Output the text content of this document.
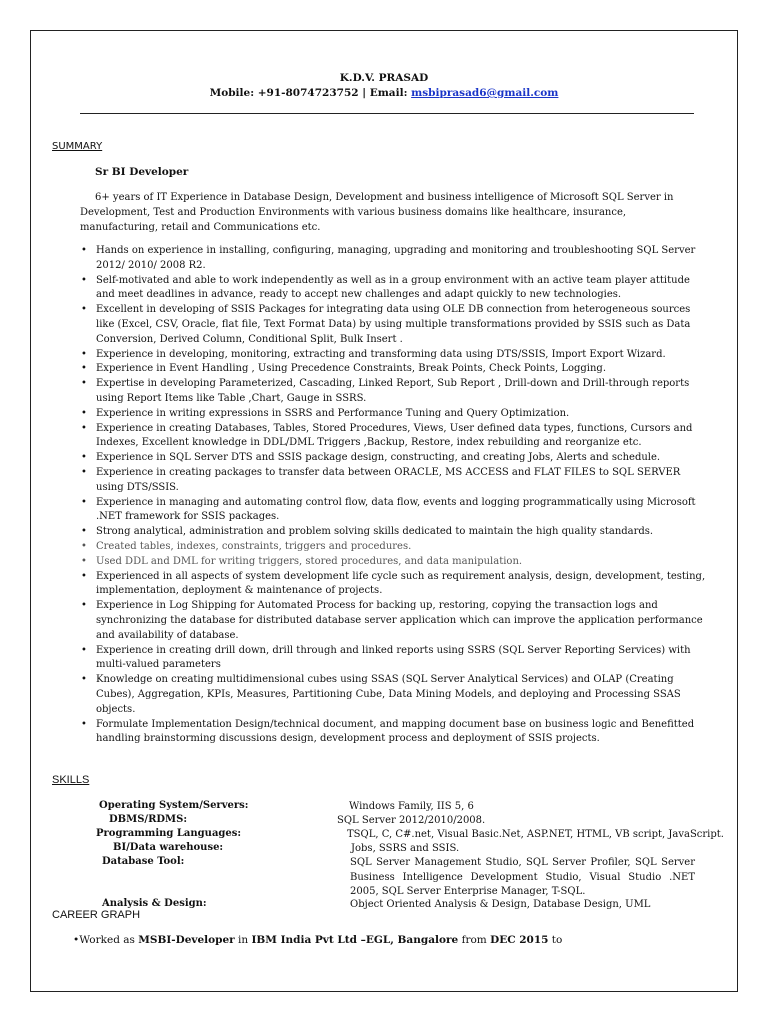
K.D.V. PRASAD
Mobile: +91-8074723752 | Email: msbiprasad6@gmail.com
SUMMARY
Sr BI Developer

6+ years of IT Experience in Database Design, Development and business intelligence of Microsoft SQL Server in Development, Test and Production Environments with various business domains like healthcare, insurance, manufacturing, retail and Communications etc.

• Hands on experience in installing, configuring, managing, upgrading and monitoring and troubleshooting SQL Server 2012/ 2010/ 2008 R2.
• Self-motivated and able to work independently as well as in a group environment with an active team player attitude and meet deadlines in advance, ready to accept new challenges and adapt quickly to new technologies.
• Excellent in developing of SSIS Packages for integrating data using OLE DB connection from heterogeneous sources like (Excel, CSV, Oracle, flat file, Text Format Data) by using multiple transformations provided by SSIS such as Data Conversion, Derived Column, Conditional Split, Bulk Insert .
• Experience in developing, monitoring, extracting and transforming data using DTS/SSIS, Import Export Wizard.
• Experience in Event Handling , Using Precedence Constraints, Break Points, Check Points, Logging.
• Expertise in developing Parameterized, Cascading, Linked Report, Sub Report , Drill-down and Drill-through reports using Report Items like Table ,Chart, Gauge in SSRS.
• Experience in writing expressions in SSRS and Performance Tuning and Query Optimization.
• Experience in creating Databases, Tables, Stored Procedures, Views, User defined data types, functions, Cursors and Indexes, Excellent knowledge in DDL/DML Triggers ,Backup, Restore, index rebuilding and reorganize etc.
• Experience in SQL Server DTS and SSIS package design, constructing, and creating Jobs, Alerts and schedule.
• Experience in creating packages to transfer data between ORACLE, MS ACCESS and FLAT FILES to SQL SERVER using DTS/SSIS.
• Experience in managing and automating control flow, data flow, events and logging programmatically using Microsoft .NET framework for SSIS packages.
• Strong analytical, administration and problem solving skills dedicated to maintain the high quality standards.
• Created tables, indexes, constraints, triggers and procedures.
• Used DDL and DML for writing triggers, stored procedures, and data manipulation.
• Experienced in all aspects of system development life cycle such as requirement analysis, design, development, testing, implementation, deployment & maintenance of projects.
• Experience in Log Shipping for Automated Process for backing up, restoring, copying the transaction logs and synchronizing the database for distributed database server application which can improve the application performance and availability of database.
• Experience in creating drill down, drill through and linked reports using SSRS (SQL Server Reporting Services) with multi-valued parameters
• Knowledge on creating multidimensional cubes using SSAS (SQL Server Analytical Services) and OLAP (Creating Cubes), Aggregation, KPIs, Measures, Partitioning Cube, Data Mining Models, and deploying and Processing SSAS objects.
• Formulate Implementation Design/technical document, and mapping document base on business logic and Benefitted handling brainstorming discussions design, development process and deployment of SSIS projects.
SKILLS
Operating System/Servers:	Windows Family, IIS 5, 6
DBMS/RDMS:	SQL Server 2012/2010/2008.
Programming Languages:	TSQL, C, C#.net, Visual Basic.Net, ASP.NET, HTML, VB script, JavaScript.
BI/Data warehouse:	Jobs, SSRS and SSIS.
Database Tool:	SQL Server Management Studio, SQL Server Profiler, SQL Server Business Intelligence Development Studio, Visual Studio .NET 2005, SQL Server Enterprise Manager, T-SQL.
Analysis & Design:	Object Oriented Analysis & Design, Database Design, UML
CAREER GRAPH
•Worked as MSBI-Developer in IBM India Pvt Ltd –EGL, Bangalore from DEC 2015 to
